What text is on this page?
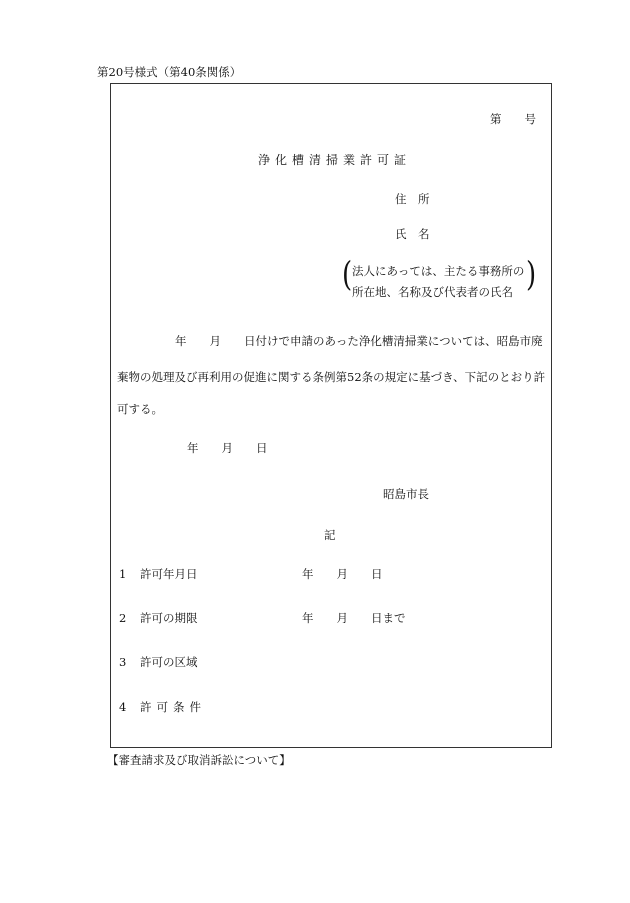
第20号様式（第40条関係）
第　　号
浄化槽清掃業許可証
住　所
氏　名
( 法人にあっては、主たる事務所の
所在地、名称及び代表者の氏名 )
年　　月　　日付けで申請のあった浄化槽清掃業については、昭島市廃
棄物の処理及び再利用の促進に関する条例第52条の規定に基づき、下記のとおり許
可する。
年　　月　　日
昭島市長
記
1 許可年月日	年　　月　　日
2 許可の期限	年　　月　　日まで
3 許可の区域
4 許可条件
【審査請求及び取消訴訟について】
